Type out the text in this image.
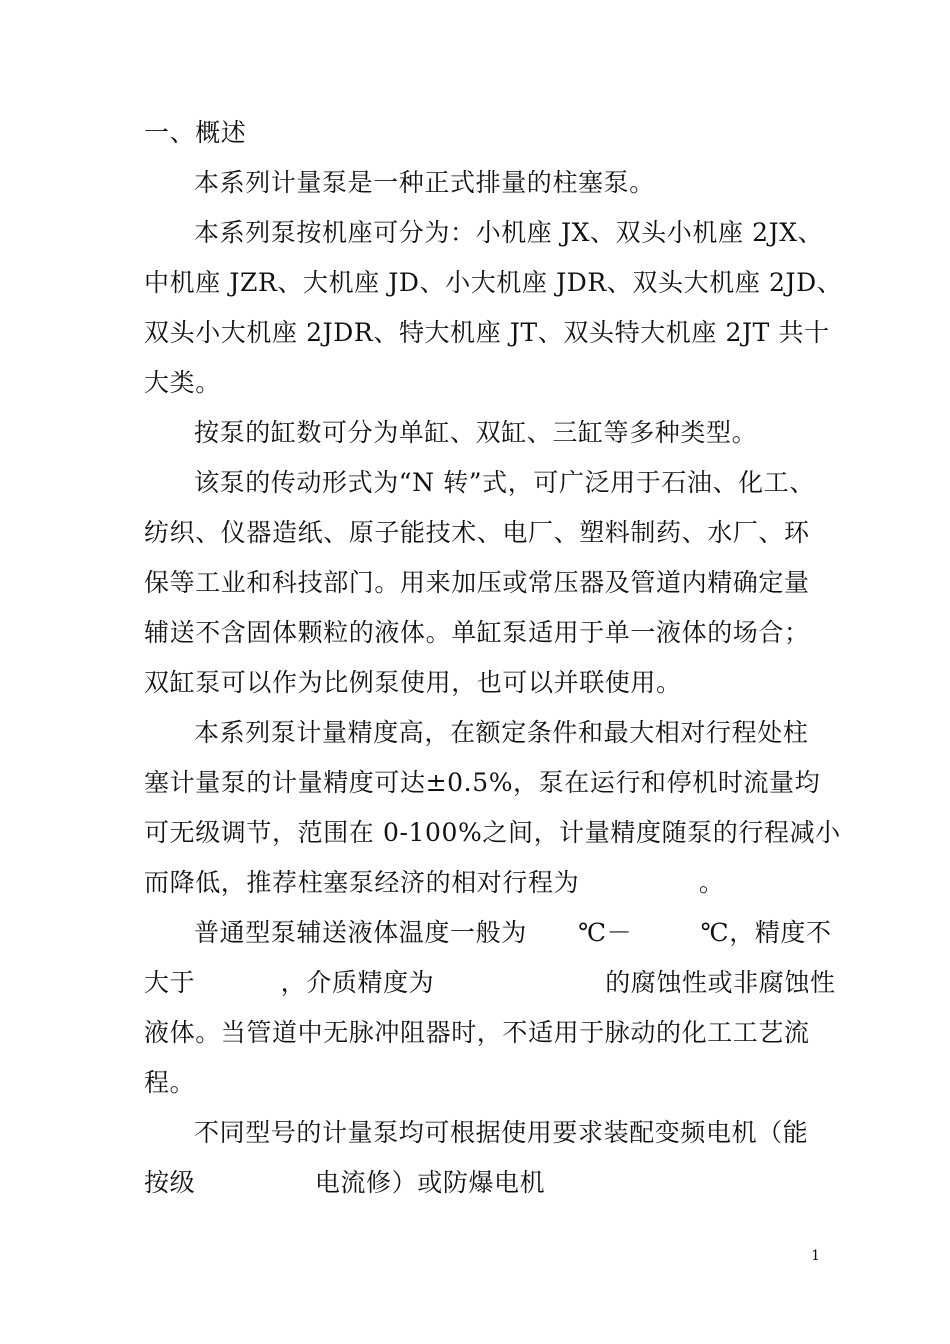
一、概述
本系列计量泵是一种正式排量的柱塞泵。
本系列泵按机座可分为：小机座 JX、双头小机座 2JX、
中机座 JZR、大机座 JD、小大机座 JDR、双头大机座 2JD、
双头小大机座 2JDR、特大机座 JT、双头特大机座 2JT 共十
大类。
按泵的缸数可分为单缸、双缸、三缸等多种类型。
该泵的传动形式为“N 转”式，可广泛用于石油、化工、
纺织、仪器造纸、原子能技术、电厂、塑料制药、水厂、环
保等工业和科技部门。用来加压或常压器及管道内精确定量
辅送不含固体颗粒的液体。单缸泵适用于单一液体的场合；
双缸泵可以作为比例泵使用，也可以并联使用。
本系列泵计量精度高，在额定条件和最大相对行程处柱
塞计量泵的计量精度可达±0.5%，泵在运行和停机时流量均
可无级调节，范围在 0-100%之间，计量精度随泵的行程减小
而降低，推荐柱塞泵经济的相对行程为              。
普通型泵辅送液体温度一般为      ℃－        ℃，精度不
大于          ，介质精度为                    的腐蚀性或非腐蚀性
液体。当管道中无脉冲阻器时，不适用于脉动的化工工艺流
程。
不同型号的计量泵均可根据使用要求装配变频电机（能
按级              电流修）或防爆电机
1
